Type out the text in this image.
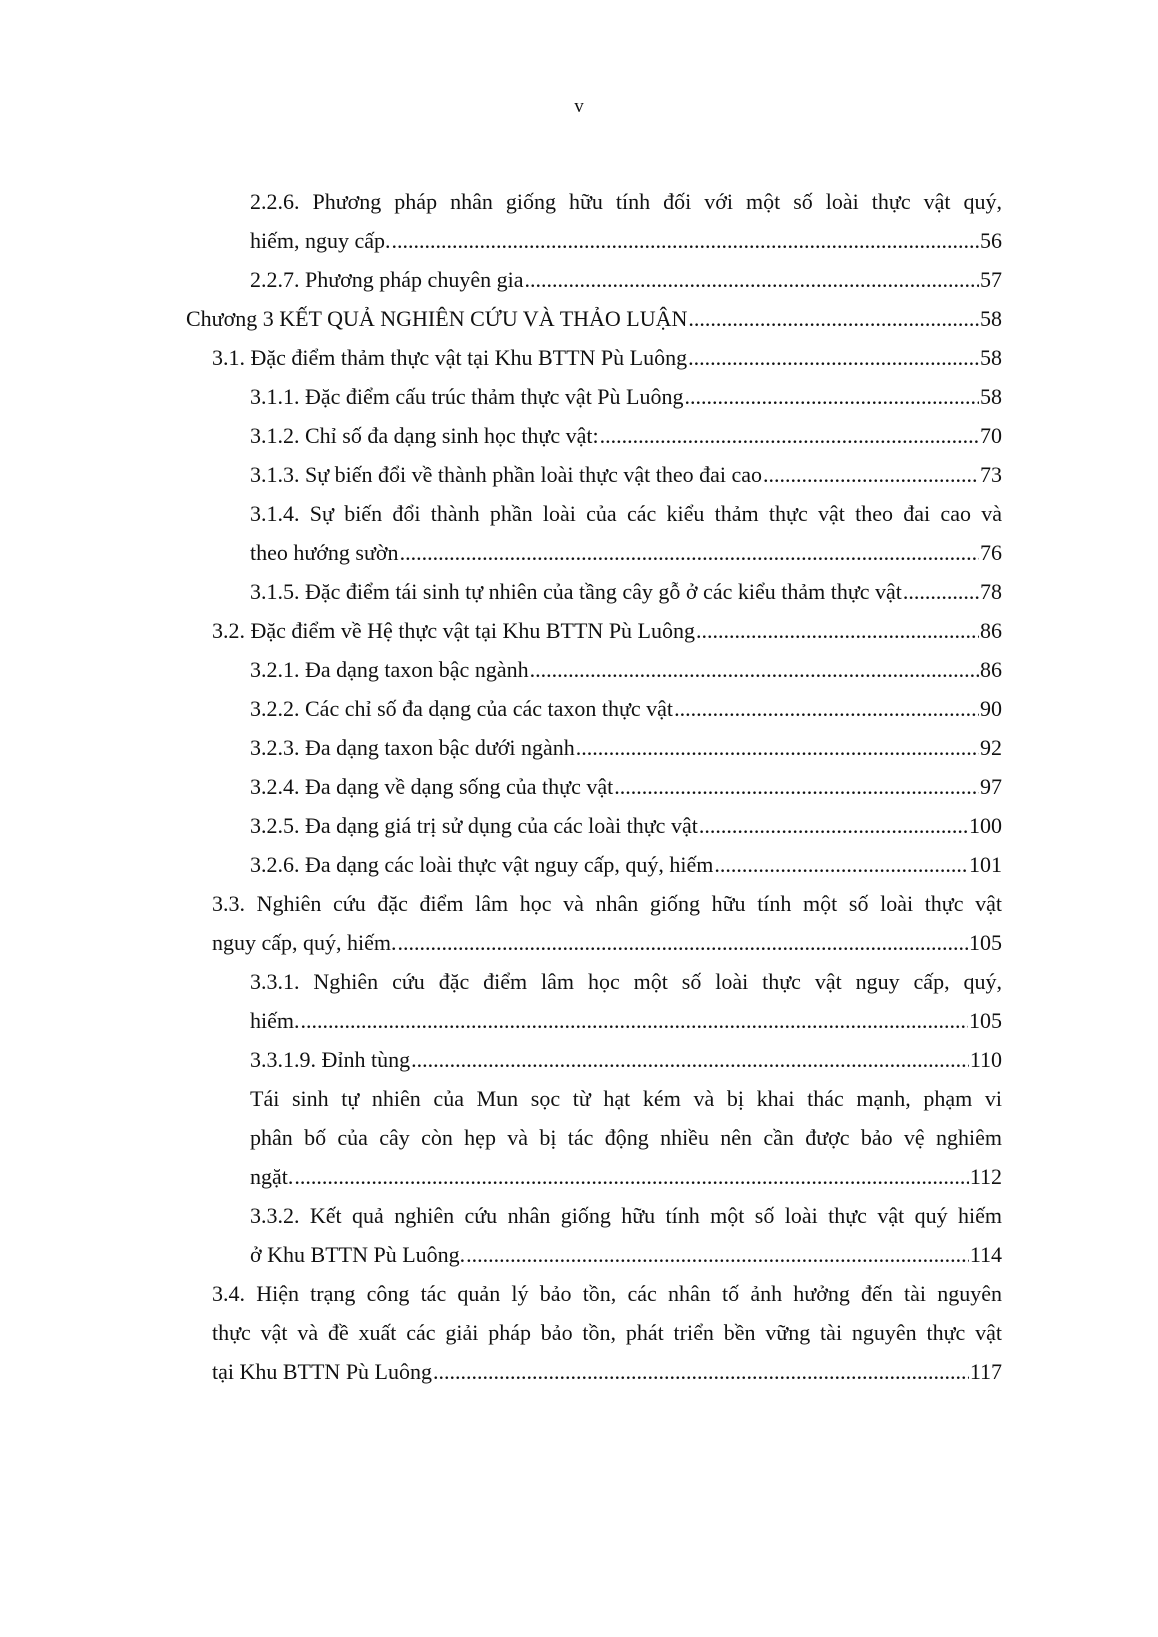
v
2.2.6. Phương pháp nhân giống hữu tính đối với một số loài thực vật quý,
hiếm, nguy cấp. .....	56
2.2.7. Phương pháp chuyên gia .....	57
Chương 3 KẾT QUẢ NGHIÊN CỨU VÀ THẢO LUẬN .....	58
3.1. Đặc điểm thảm thực vật tại Khu BTTN Pù Luông .....	58
3.1.1. Đặc điểm cấu trúc thảm thực vật Pù Luông .....	58
3.1.2. Chỉ số đa dạng sinh học thực vật: .....	70
3.1.3. Sự biến đổi về thành phần loài thực vật theo đai cao .....	73
3.1.4. Sự biến đổi thành phần loài của các kiểu thảm thực vật theo đai cao và
theo hướng sườn .....	76
3.1.5. Đặc điểm tái sinh tự nhiên của tầng cây gỗ ở các kiểu thảm thực vật .....	78
3.2. Đặc điểm về Hệ thực vật tại Khu BTTN Pù Luông .....	86
3.2.1. Đa dạng taxon bậc ngành .....	86
3.2.2. Các chỉ số đa dạng của các taxon thực vật .....	90
3.2.3. Đa dạng taxon bậc dưới ngành .....	92
3.2.4. Đa dạng về dạng sống của thực vật .....	97
3.2.5. Đa dạng giá trị sử dụng của các loài thực vật .....	100
3.2.6. Đa dạng các loài thực vật nguy cấp, quý, hiếm .....	101
3.3. Nghiên cứu đặc điểm lâm học và nhân giống hữu tính một số loài thực vật
nguy cấp, quý, hiếm. .....	105
3.3.1. Nghiên cứu đặc điểm lâm học một số loài thực vật nguy cấp, quý,
hiếm. .....	105
3.3.1.9. Đỉnh tùng .....	110
Tái sinh tự nhiên của Mun sọc từ hạt kém và bị khai thác mạnh, phạm vi
phân bố của cây còn hẹp và bị tác động nhiều nên cần được bảo vệ nghiêm
ngặt. .....	112
3.3.2. Kết quả nghiên cứu nhân giống hữu tính một số loài thực vật quý hiếm
ở Khu BTTN Pù Luông. .....	114
3.4. Hiện trạng công tác quản lý bảo tồn, các nhân tố ảnh hưởng đến tài nguyên
thực vật và đề xuất các giải pháp bảo tồn, phát triển bền vững tài nguyên thực vật
tại Khu BTTN Pù Luông .....	117
